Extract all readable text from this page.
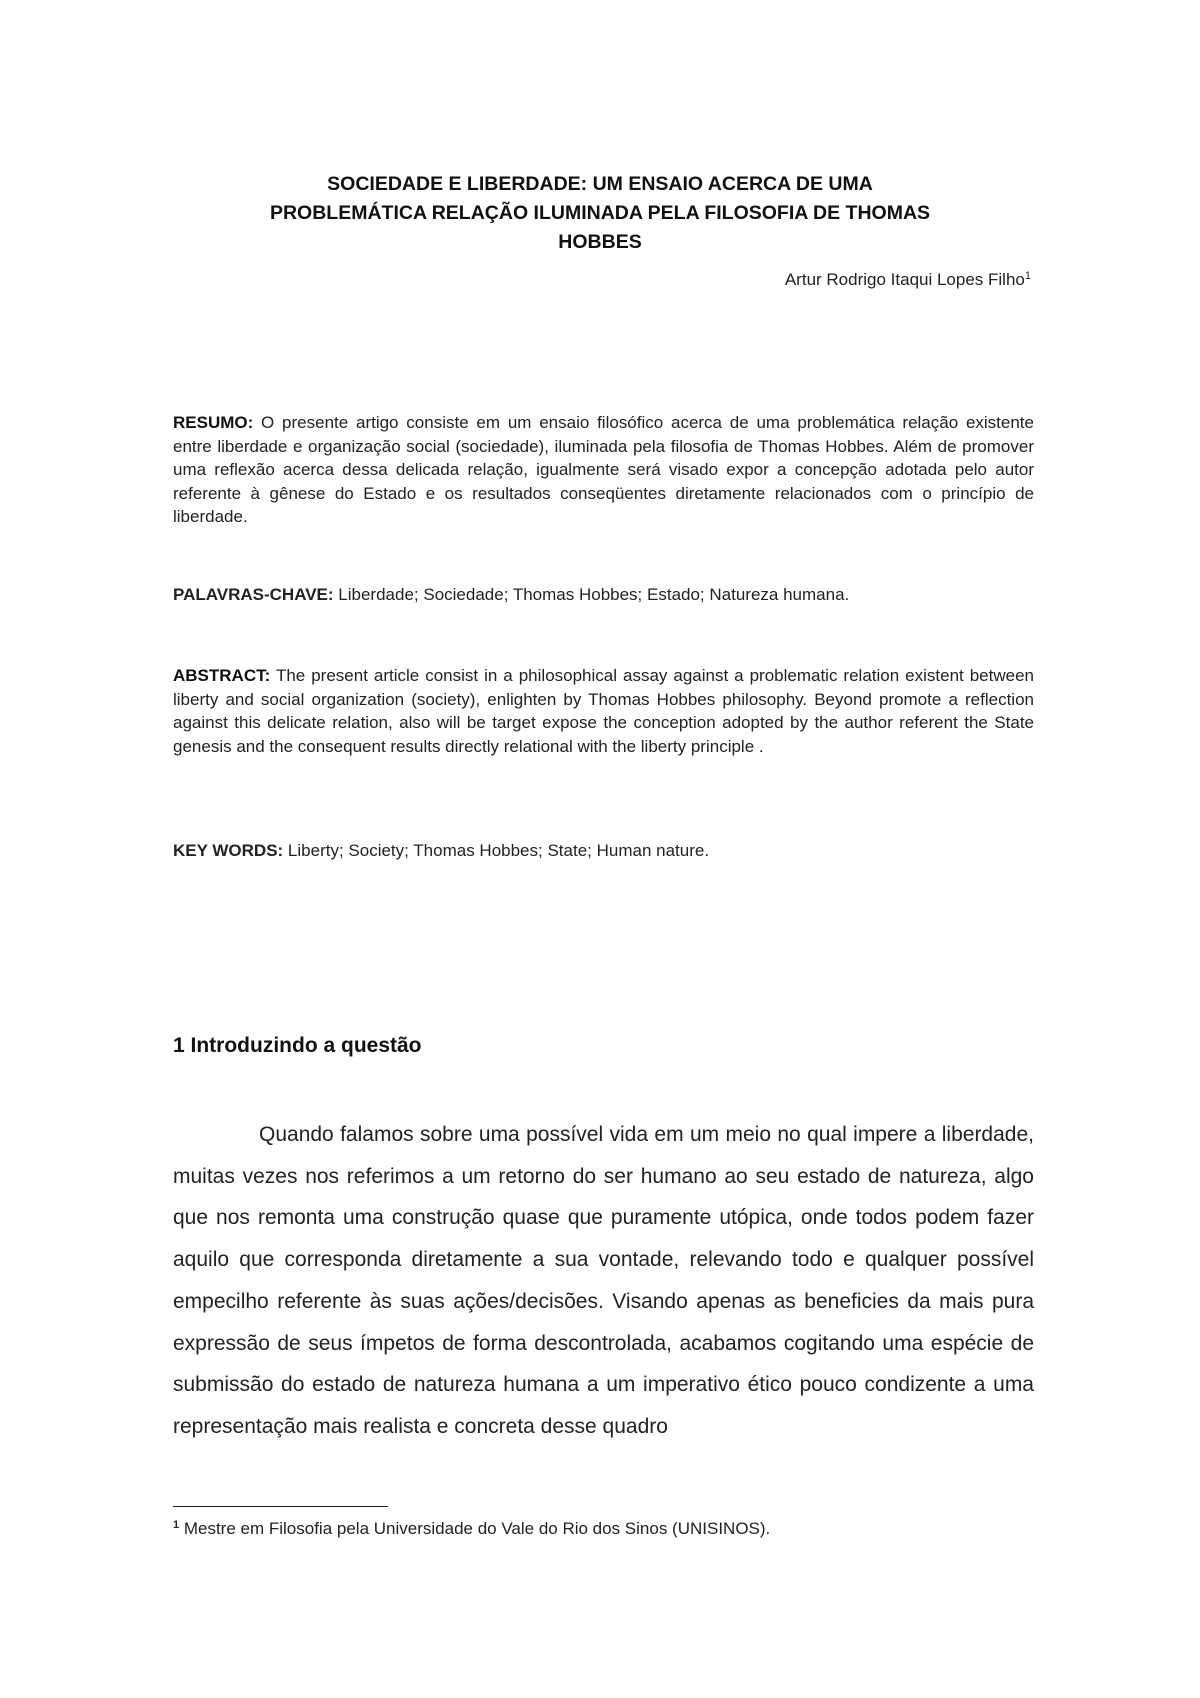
SOCIEDADE E LIBERDADE: UM ENSAIO ACERCA DE UMA
PROBLEMÁTICA RELAÇÃO ILUMINADA PELA FILOSOFIA DE THOMAS
HOBBES
Artur Rodrigo Itaqui Lopes Filho$^1$

RESUMO: O presente artigo consiste em um ensaio filosófico acerca de uma problemática relação existente entre liberdade e organização social (sociedade), iluminada pela filosofia de Thomas Hobbes. Além de promover uma reflexão acerca dessa delicada relação, igualmente será visado expor a concepção adotada pelo autor referente à gênese do Estado e os resultados conseqüentes diretamente relacionados com o princípio de liberdade.

PALAVRAS-CHAVE: Liberdade; Sociedade; Thomas Hobbes; Estado; Natureza humana.

ABSTRACT: The present article consist in a philosophical assay against a problematic relation existent between liberty and social organization (society), enlighten by Thomas Hobbes philosophy. Beyond promote a reflection against this delicate relation, also will be target expose the conception adopted by the author referent the State genesis and the consequent results directly relational with the liberty principle .

KEY WORDS: Liberty; Society; Thomas Hobbes; State; Human nature.

1 Introduzindo a questão

Quando falamos sobre uma possível vida em um meio no qual impere a liberdade, muitas vezes nos referimos a um retorno do ser humano ao seu estado de natureza, algo que nos remonta uma construção quase que puramente utópica, onde todos podem fazer aquilo que corresponda diretamente a sua vontade, relevando todo e qualquer possível empecilho referente às suas ações/decisões. Visando apenas as beneficies da mais pura expressão de seus ímpetos de forma descontrolada, acabamos cogitando uma espécie de submissão do estado de natureza humana a um imperativo ético pouco condizente a uma representação mais realista e concreta desse quadro

$^1$ Mestre em Filosofia pela Universidade do Vale do Rio dos Sinos (UNISINOS).
